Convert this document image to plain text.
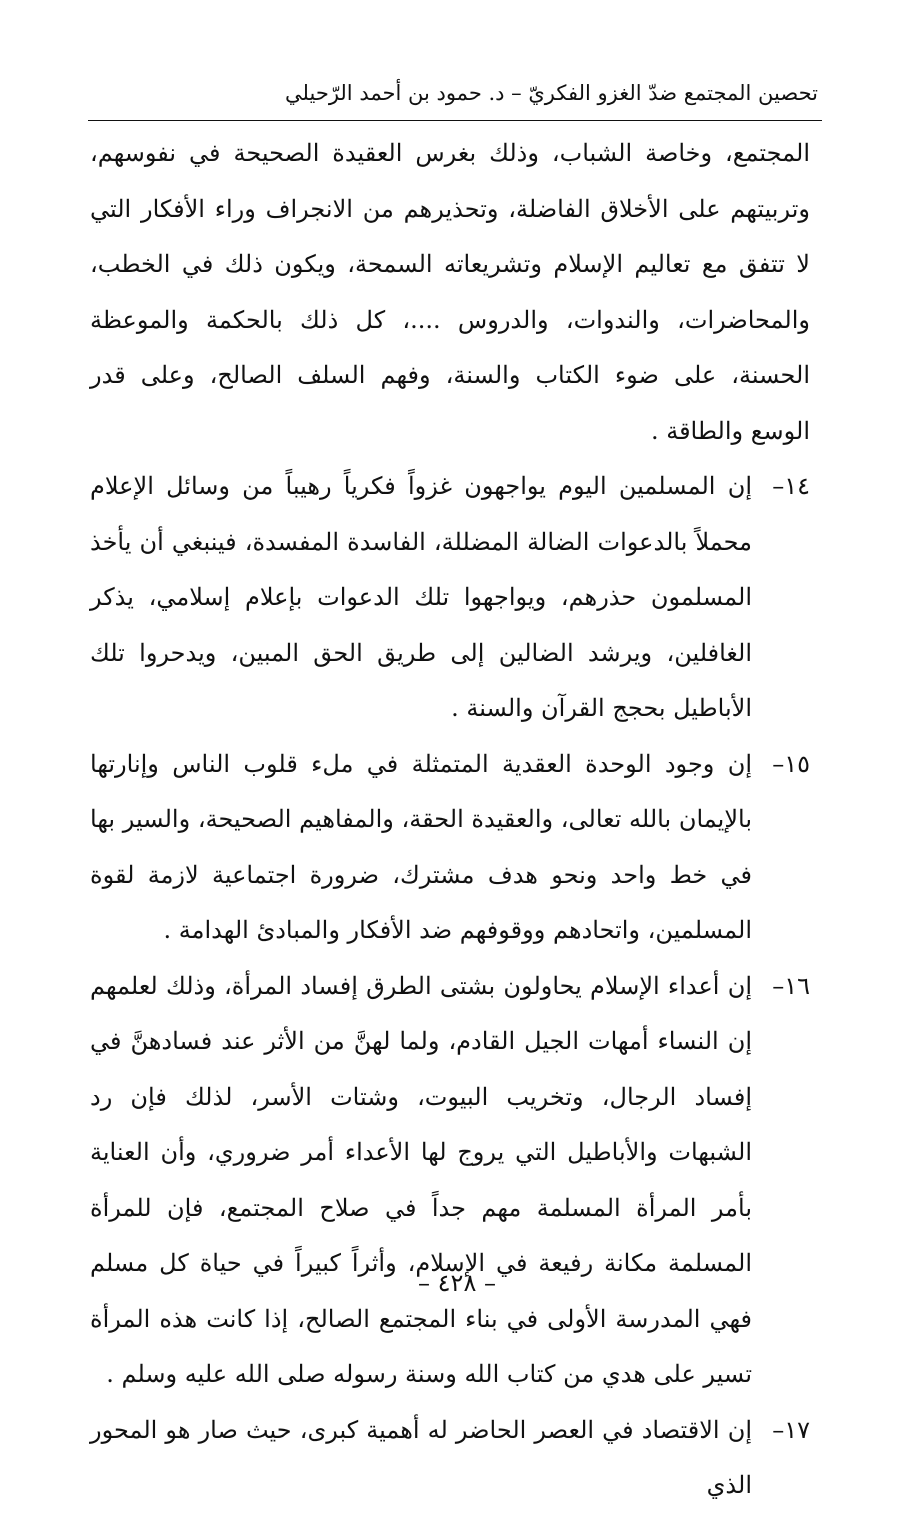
تحصين المجتمع ضدّ الغزو الفكريّ – د. حمود بن أحمد الرّحيلي

المجتمع، وخاصة الشباب، وذلك بغرس العقيدة الصحيحة في نفوسهم، وتربيتهم على الأخلاق الفاضلة، وتحذيرهم من الانجراف وراء الأفكار التي لا تتفق مع تعاليم الإسلام وتشريعاته السمحة، ويكون ذلك في الخطب، والمحاضرات، والندوات، والدروس ....، كل ذلك بالحكمة والموعظة الحسنة، على ضوء الكتاب والسنة، وفهم السلف الصالح، وعلى قدر الوسع والطاقة .

١٤–
إن المسلمين اليوم يواجهون غزواً فكرياً رهيباً من وسائل الإعلام محملاً بالدعوات الضالة المضللة، الفاسدة المفسدة، فينبغي أن يأخذ المسلمون حذرهم، ويواجهوا تلك الدعوات بإعلام إسلامي، يذكر الغافلين، ويرشد الضالين إلى طريق الحق المبين، ويدحروا تلك الأباطيل بحجج القرآن والسنة .

١٥–
إن وجود الوحدة العقدية المتمثلة في ملء قلوب الناس وإنارتها بالإيمان بالله تعالى، والعقيدة الحقة، والمفاهيم الصحيحة، والسير بها في خط واحد ونحو هدف مشترك، ضرورة اجتماعية لازمة لقوة المسلمين، واتحادهم ووقوفهم ضد الأفكار والمبادئ الهدامة .

١٦–
إن أعداء الإسلام يحاولون بشتى الطرق إفساد المرأة، وذلك لعلمهم إن النساء أمهات الجيل القادم، ولما لهنَّ من الأثر عند فسادهنَّ في إفساد الرجال، وتخريب البيوت، وشتات الأسر، لذلك فإن رد الشبهات والأباطيل التي يروج لها الأعداء أمر ضروري، وأن العناية بأمر المرأة المسلمة مهم جداً في صلاح المجتمع، فإن للمرأة المسلمة مكانة رفيعة في الإسلام، وأثراً كبيراً في حياة كل مسلم فهي المدرسة الأولى في بناء المجتمع الصالح، إذا كانت هذه المرأة تسير على هدي من كتاب الله وسنة رسوله صلى الله عليه وسلم .

١٧–
إن الاقتصاد في العصر الحاضر له أهمية كبرى، حيث صار هو المحور الذي

– ٤٢٨ –
